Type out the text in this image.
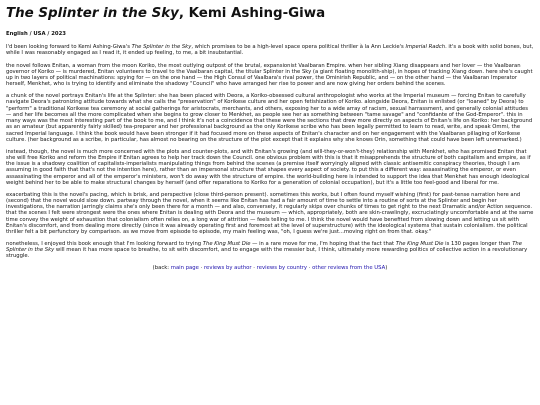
The Splinter in the Sky, Kemi Ashing-Giwa
English / USA / 2023

I'd been looking forward to Kemi Ashing-Giwa's The Splinter in the Sky, which promises to be a high-level space opera political thriller à la Ann Leckie's Imperial Radch. it's a book with solid bones, but, while I was reasonably engaged as I read it, it ended up feeling, to me, a bit insubstantial.

the novel follows Enitan, a woman from the moon Koriko, the most outlying outpost of the brutal, expansionist Vaalbaran Empire. when her sibling Xiang disappears and her lover — the Vaalbaran governor of Koriko — is murdered, Enitan volunteers to travel to the Vaalbaran capital, the titular Splinter in the Sky (a giant floating monolith-ship), in hopes of tracking Xiang down. here she's caught up in two layers of political machinations: spying for — on the one hand — the High Consul of Vaalbara's rival power, the Ominirish Republic, and — on the other hand — the Vaalbaran Imperator herself, Menkhet, who is trying to identify and eliminate the shadowy "Council" who have arranged her rise to power and are now giving her orders behind the scenes.

a chunk of the novel portrays Enitan's life at the Splinter: she has been placed with Deora, a Koriko-obsessed cultural anthropologist who works at the Imperial museum — forcing Enitan to carefully navigate Deora's patronizing attitude towards what she calls the "preservation" of Korikese culture and her open fetishization of Koriko. alongside Deora, Enitan is enlisted (or "loaned" by Deora) to "perform" a traditional Korikese tea ceremony at social gatherings for aristocrats, merchants, and others, exposing her to a wide array of racism, sexual harrassment, and generally colonial attitudes — and her life becomes all the more complicated when she begins to grow closer to Menkhet, as people see her as something between "tame savage" and "confidante of the God-Emperor". this in many ways was the most interesting part of the book to me, and I think it's not a coincidence that these were the sections that drew more directly on aspects of Enitan's life on Koriko: her background as an amateur (but apparently fairly skilled) tea-preparer and her professional background as the only Korikese scribe who has been legally permitted to learn to read, write, and speak Ommi, the sacred Imperial language. I think the book would have been stronger if it had focused more on these aspects of Enitan's character and on her engagement with the Vaalbaran pillaging of Korikese culture. (her background as a scribe, in particular, has almost no bearing on the structure of the plot except that it explains why she knows Orin, something that could have been left unremarked.)

instead, though, the novel is much more concerned with the plots and counter-plots, and with Enitan's growing (and will-they-or-won't-they) relationship with Menkhet, who has promised Enitan that she will free Koriko and reform the Empire if Enitan agrees to help her track down the Council. one obvious problem with this is that it misapprehends the structure of both capitalism and empire, as if the issue is a shadowy coalition of capitalists-imperialists manipulating things from behind the scenes (a premise itself worryingly aligned with classic antisemitic conspiracy theories, though I am assuming in good faith that that's not the intention here), rather than an impersonal structure that shapes every aspect of society. to put this a different way: assassinating the emperor, or even assassinating the emperor and all of the emperor's ministers, won't do away with the structure of empire. the world-building here is intended to support the idea that Menkhet has enough ideological weight behind her to be able to make structural changes by herself (and offer reparations to Koriko for a generation of colonial occupation), but it's a little too feel-good and liberal for me.

exacerbating this is the novel's pacing, which is brisk, and perspective (close third-person present). sometimes this works, but I often found myself wishing (first) for past-tense narration here and (second) that the novel would slow down. partway through the novel, when it seems like Enitan has had a fair amount of time to settle into a routine of sorts at the Splinter and begin her investigations, the narration jarringly claims she's only been there for a month — and also, conversely, it regularly skips over chunks of times to get right to the next Dramatic and/or Action sequence. that the scenes I felt were strongest were the ones where Enitan is dealing with Deora and the museum — which, appropriately, both are skin-crawlingly, excruciatingly uncomfortable and at the same time convey the weight of exhaustion that colonialism often relies on, a long war of attrition — feels telling to me. I think the novel would have benefited from slowing down and letting us sit with Enitan's discomfort, and from dealing more directly (since it was already operating first and foremost at the level of superstructure) with the ideological systems that sustain colonialism. the political thriller felt a bit perfunctory by comparison. as we move from episode to episode, my main feeling was, "oh, I guess we're just...moving right on from that. okay."

nonetheless, I enjoyed this book enough that I'm looking forward to trying The King Must Die — in a rare move for me, I'm hoping that the fact that The King Must Die is 130 pages longer than The Splinter in the Sky will mean it has more space to breathe, to sit with discomfort, and to engage with the messier but, I think, ultimately more rewarding politics of collective action in a revolutionary struggle.

(back: main page · reviews by author · reviews by country · other reviews from the USA)
